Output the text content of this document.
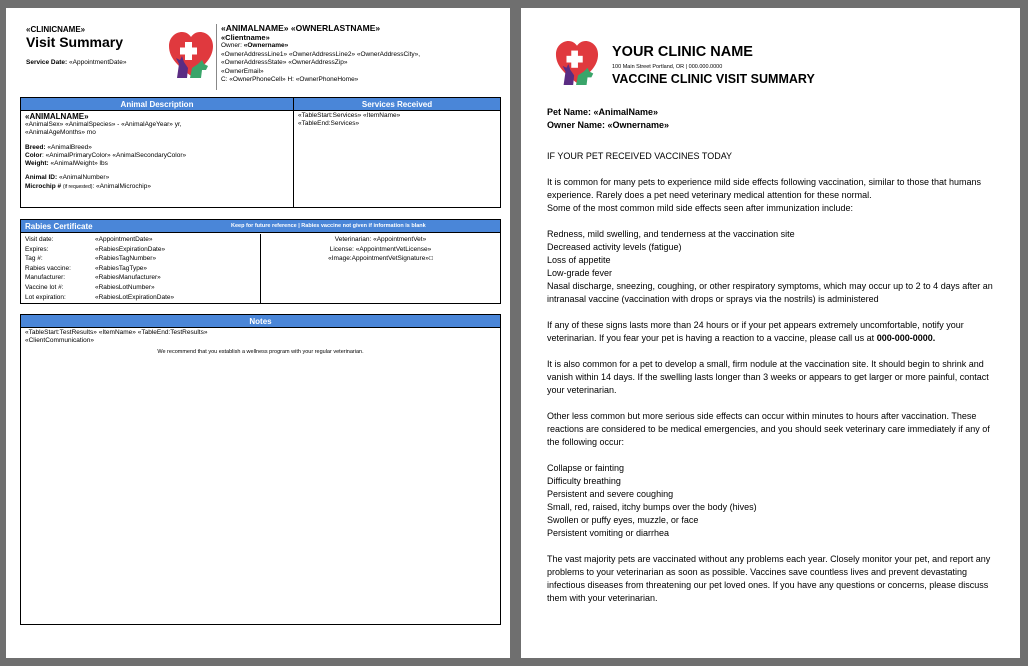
«CLINICNAME»
Visit Summary
Service Date: «AppointmentDate»
«ANIMALNAME» «OWNERLASTNAME»
«Clientname»
Owner: «Ownername»
«OwnerAddressLine1» «OwnerAddressLine2» «OwnerAddressCity»,
«OwnerAddressState» «OwnerAddressZip»
«OwnerEmail»
C: «OwnerPhoneCell» H: «OwnerPhoneHome»
Animal Description
«ANIMALNAME»
«AnimalSex» «AnimalSpecies» - «AnimalAgeYear» yr,
«AnimalAgeMonths» mo
Breed: «AnimalBreed»
Color: «AnimalPrimaryColor» «AnimalSecondaryColor»
Weight: «AnimalWeight» lbs
Animal ID: «AnimalNumber»
Microchip # (if requested): «AnimalMicrochip»
Services Received
«TableStart:Services» «ItemName»
«TableEnd:Services»
Rabies Certificate	Keep for future reference | Rabies vaccine not given if information is blank
Visit date:	«AppointmentDate»
Expires:	«RabiesExpirationDate»
Tag #:	«RabiesTagNumber»
Rabies vaccine:	«RabiesTagType»
Manufacturer:	«RabiesManufacturer»
Vaccine lot #:	«RabiesLotNumber»
Lot expiration:	«RabiesLotExpirationDate»
Veterinarian: «AppointmentVet»
License: «AppointmentVetLicense»
«Image:AppointmentVetSignature»□
Notes
«TableStart:TestResults» «ItemName» «TableEnd:TestResults»
«ClientCommunication»
We recommend that you establish a wellness program with your regular veterinarian.
YOUR CLINIC NAME
100 Main Street Portland, OR | 000.000.0000
VACCINE CLINIC VISIT SUMMARY
Pet Name: «AnimalName»
Owner Name: «Ownername»

IF YOUR PET RECEIVED VACCINES TODAY

It is common for many pets to experience mild side effects following vaccination, similar to those that humans experience. Rarely does a pet need veterinary medical attention for these normal.

Some of the most common mild side effects seen after immunization include:

Redness, mild swelling, and tenderness at the vaccination site
Decreased activity levels (fatigue)
Loss of appetite
Low-grade fever
Nasal discharge, sneezing, coughing, or other respiratory symptoms, which may occur up to 2 to 4 days after an intranasal vaccine (vaccination with drops or sprays via the nostrils) is administered

If any of these signs lasts more than 24 hours or if your pet appears extremely uncomfortable, notify your veterinarian. If you fear your pet is having a reaction to a vaccine, please call us at 000-000-0000.

It is also common for a pet to develop a small, firm nodule at the vaccination site. It should begin to shrink and vanish within 14 days. If the swelling lasts longer than 3 weeks or appears to get larger or more painful, contact your veterinarian.

Other less common but more serious side effects can occur within minutes to hours after vaccination. These reactions are considered to be medical emergencies, and you should seek veterinary care immediately if any of the following occur:
Collapse or fainting
Difficulty breathing
Persistent and severe coughing
Small, red, raised, itchy bumps over the body (hives)
Swollen or puffy eyes, muzzle, or face
Persistent vomiting or diarrhea

The vast majority pets are vaccinated without any problems each year. Closely monitor your pet, and report any problems to your veterinarian as soon as possible. Vaccines save countless lives and prevent devastating infectious diseases from threatening our pet loved ones. If you have any questions or concerns, please discuss them with your veterinarian.
